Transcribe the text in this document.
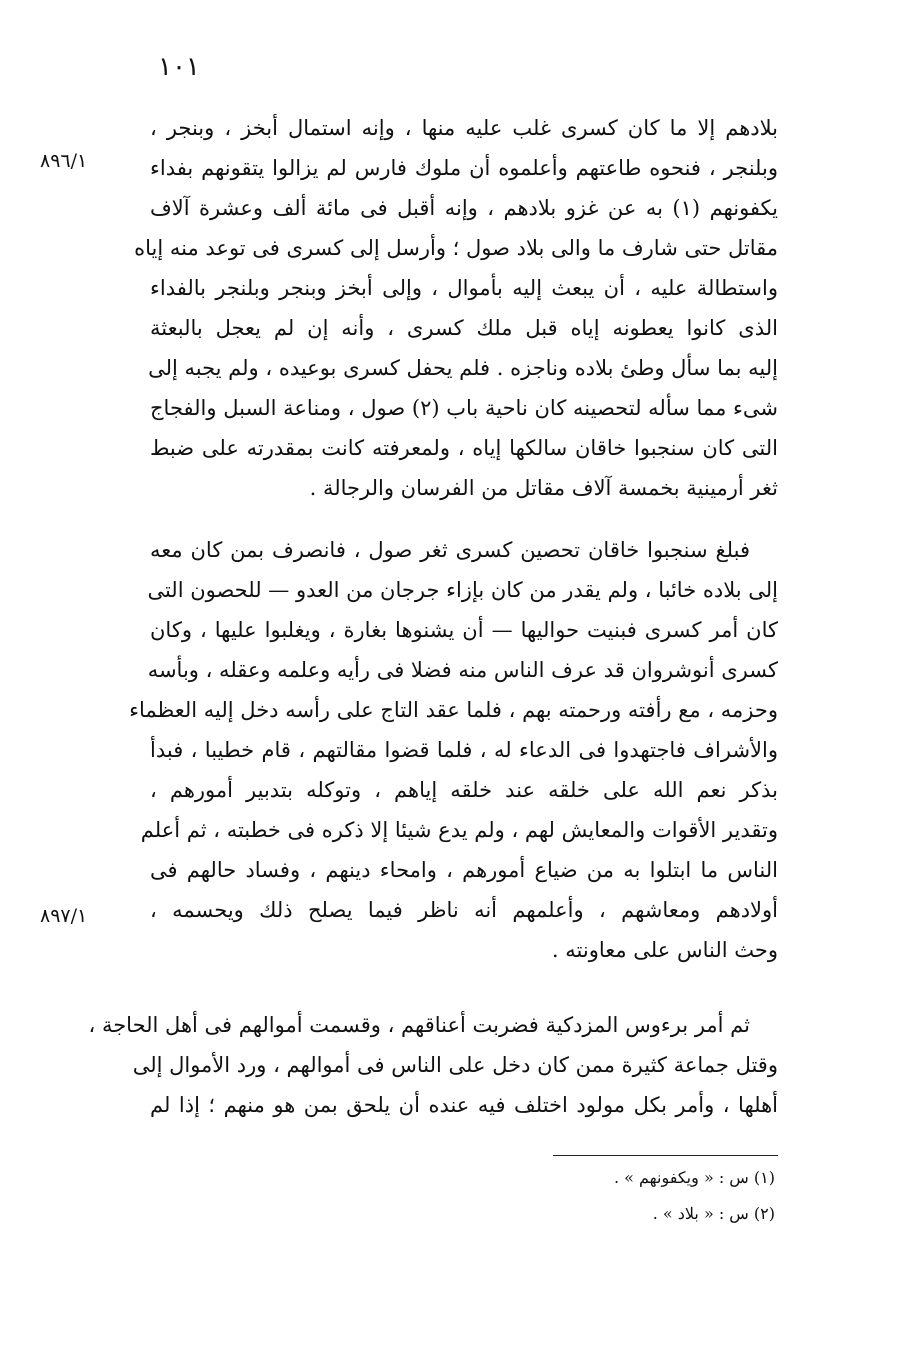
١٠١
٨٩٦/١
٨٩٧/١
بلادهم إلا ما كان كسرى غلب عليه منها ، وإنه استمال أبخز ، وبنجر ،
وبلنجر ، فنحوه طاعتهم وأعلموه أن ملوك فارس لم يزالوا يتقونهم بفداء
يكفونهم (١) به عن غزو بلادهم ، وإنه أقبل فى مائة ألف وعشرة آلاف
مقاتل حتى شارف ما والى بلاد صول ؛ وأرسل إلى كسرى فى توعد منه إياه
واستطالة عليه ، أن يبعث إليه بأموال ، وإلى أبخز وبنجر وبلنجر بالفداء
الذى كانوا يعطونه إياه قبل ملك كسرى ، وأنه إن لم يعجل بالبعثة
إليه بما سأل وطئ بلاده وناجزه . فلم يحفل كسرى بوعيده ، ولم يجبه إلى
شىء مما سأله لتحصينه كان ناحية باب (٢) صول ، ومناعة السبل والفجاج
التى كان سنجبوا خاقان سالكها إياه ، ولمعرفته كانت بمقدرته على ضبط
ثغر أرمينية بخمسة آلاف مقاتل من الفرسان والرجالة .
فبلغ سنجبوا خاقان تحصين كسرى ثغر صول ، فانصرف بمن كان معه
إلى بلاده خائبا ، ولم يقدر من كان بإزاء جرجان من العدو — للحصون التى
كان أمر كسرى فبنيت حواليها — أن يشنوها بغارة ، ويغلبوا عليها ، وكان
كسرى أنوشروان قد عرف الناس منه فضلا فى رأيه وعلمه وعقله ، وبأسه
وحزمه ، مع رأفته ورحمته بهم ، فلما عقد التاج على رأسه دخل إليه العظماء
والأشراف فاجتهدوا فى الدعاء له ، فلما قضوا مقالتهم ، قام خطيبا ، فبدأ
بذكر نعم الله على خلقه عند خلقه إياهم ، وتوكله بتدبير أمورهم ،
وتقدير الأقوات والمعايش لهم ، ولم يدع شيئا إلا ذكره فى خطبته ، ثم أعلم
الناس ما ابتلوا به من ضياع أمورهم ، وامحاء دينهم ، وفساد حالهم فى
أولادهم ومعاشهم ، وأعلمهم أنه ناظر فيما يصلح ذلك ويحسمه ،
وحث الناس على معاونته .
ثم أمر برءوس المزدكية فضربت أعناقهم ، وقسمت أموالهم فى أهل الحاجة ،
وقتل جماعة كثيرة ممن كان دخل على الناس فى أموالهم ، ورد الأموال إلى
أهلها ، وأمر بكل مولود اختلف فيه عنده أن يلحق بمن هو منهم ؛ إذا لم
(١) س : « ويكفونهم » .
(٢) س : « بلاد » .
